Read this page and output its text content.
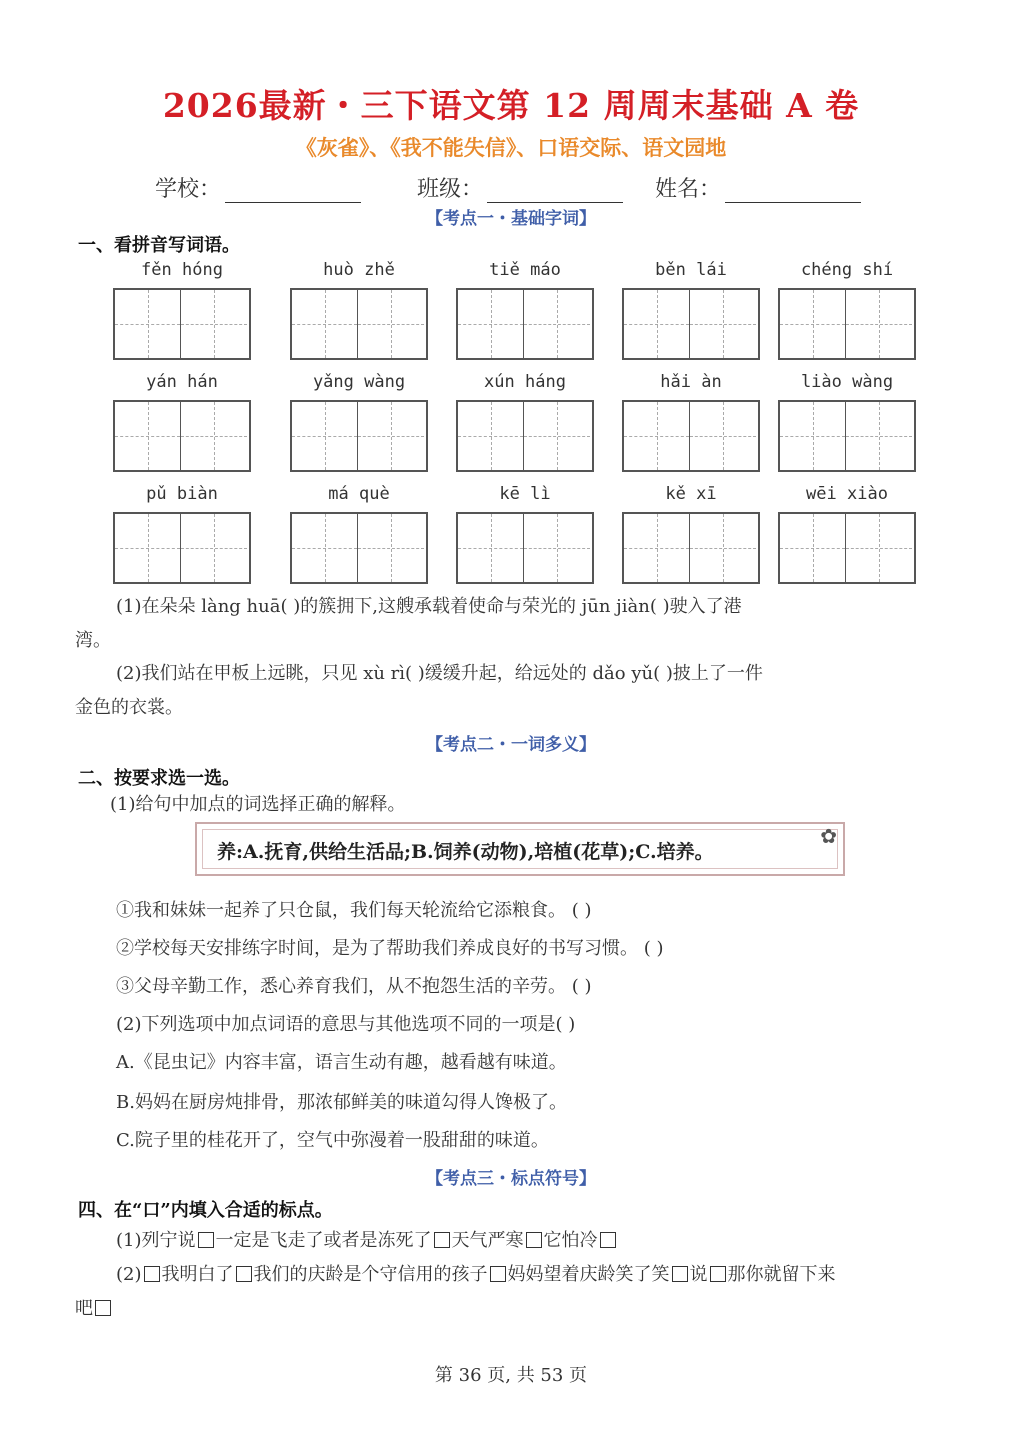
2026最新・三下语文第 12 周周末基础 A 卷
《灰雀》、《我不能失信》、口语交际、语文园地
学校：	班级：	姓名：
【考点一・基础字词】
一、看拼音写词语。
fěn hóng	huò zhě	tiě máo	běn lái	chéng shí
yán hán	yǎng wàng	xún háng	hǎi àn	liào wàng
pǔ biàn	má què	kē lì	kě xī	wēi xiào
(1)在朵朵 làng huā( )的簇拥下,这艘承载着使命与荣光的 jūn jiàn( )驶入了港
湾。
(2)我们站在甲板上远眺，只见 xù rì( )缓缓升起，给远处的 dǎo yǔ( )披上了一件
金色的衣裳。
【考点二・一词多义】
二、按要求选一选。
(1)给句中加点的词选择正确的解释。
养:A.抚育,供给生活品;B.饲养(动物),培植(花草);C.培养。
✿
①我和妹妹一起养了只仓鼠，我们每天轮流给它添粮食。 ( )
②学校每天安排练字时间，是为了帮助我们养成良好的书写习惯。 ( )
③父母辛勤工作，悉心养育我们，从不抱怨生活的辛劳。 ( )
(2)下列选项中加点词语的意思与其他选项不同的一项是( )
A.《昆虫记》内容丰富，语言生动有趣，越看越有味道。
B.妈妈在厨房炖排骨，那浓郁鲜美的味道勾得人馋极了。
C.院子里的桂花开了，空气中弥漫着一股甜甜的味道。
【考点三・标点符号】
四、在“口”内填入合适的标点。
(1)列宁说 一定是飞走了或者是冻死了 天气严寒 它怕冷
(2) 我明白了 我们的庆龄是个守信用的孩子 妈妈望着庆龄笑了笑 说 那你就留下来
吧
第 36 页, 共 53 页
